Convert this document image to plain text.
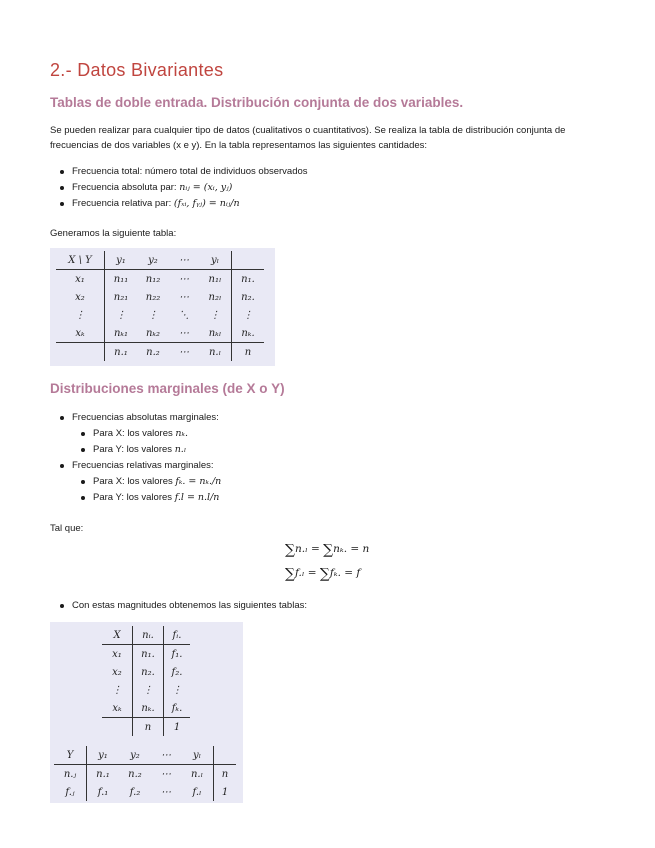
2.- Datos Bivariantes
Tablas de doble entrada. Distribución conjunta de dos variables.

Se pueden realizar para cualquier tipo de datos (cualitativos o cuantitativos). Se realiza la tabla de distribución conjunta de
frecuencias de dos variables (x e y). En la tabla representamos las siguientes cantidades:

Frecuencia total: número total de individuos observados
Frecuencia absoluta par: nᵢⱼ = (xᵢ, yⱼ)
Frecuencia relativa par: (fₓᵢ, fᵧⱼ) = nᵢⱼ/n

Generamos la siguiente tabla:

X \ Y	y₁	y₂	⋯	yₗ	
x₁	n₁₁	n₁₂	⋯	n₁ₗ	n₁.
x₂	n₂₁	n₂₂	⋯	n₂ₗ	n₂.
⋮	⋮	⋮	⋱	⋮	⋮
xₖ	nₖ₁	nₖ₂	⋯	nₖₗ	nₖ.
	n.₁	n.₂	⋯	n.ₗ	n
Distribuciones marginales (de X o Y)
Frecuencias absolutas marginales:
Para X: los valores nₖ.
Para Y: los valores n.ₗ
Frecuencias relativas marginales:
Para X: los valores fₖ. = nₖ./n
Para Y: los valores f.l = n.l/n

Tal que:

∑n.ₗ = ∑nₖ. = n
∑f.ₗ = ∑fₖ. = f
Con estas magnitudes obtenemos las siguientes tablas:
X	nᵢ.	fᵢ.
x₁	n₁.	f₁.
x₂	n₂.	f₂.
⋮	⋮	⋮
xₖ	nₖ.	fₖ.
	n	1
Y	y₁	y₂	⋯	yₗ	
n.ⱼ	n.₁	n.₂	⋯	n.ₗ	n
f.ⱼ	f.₁	f.₂	⋯	f.ₗ	1
